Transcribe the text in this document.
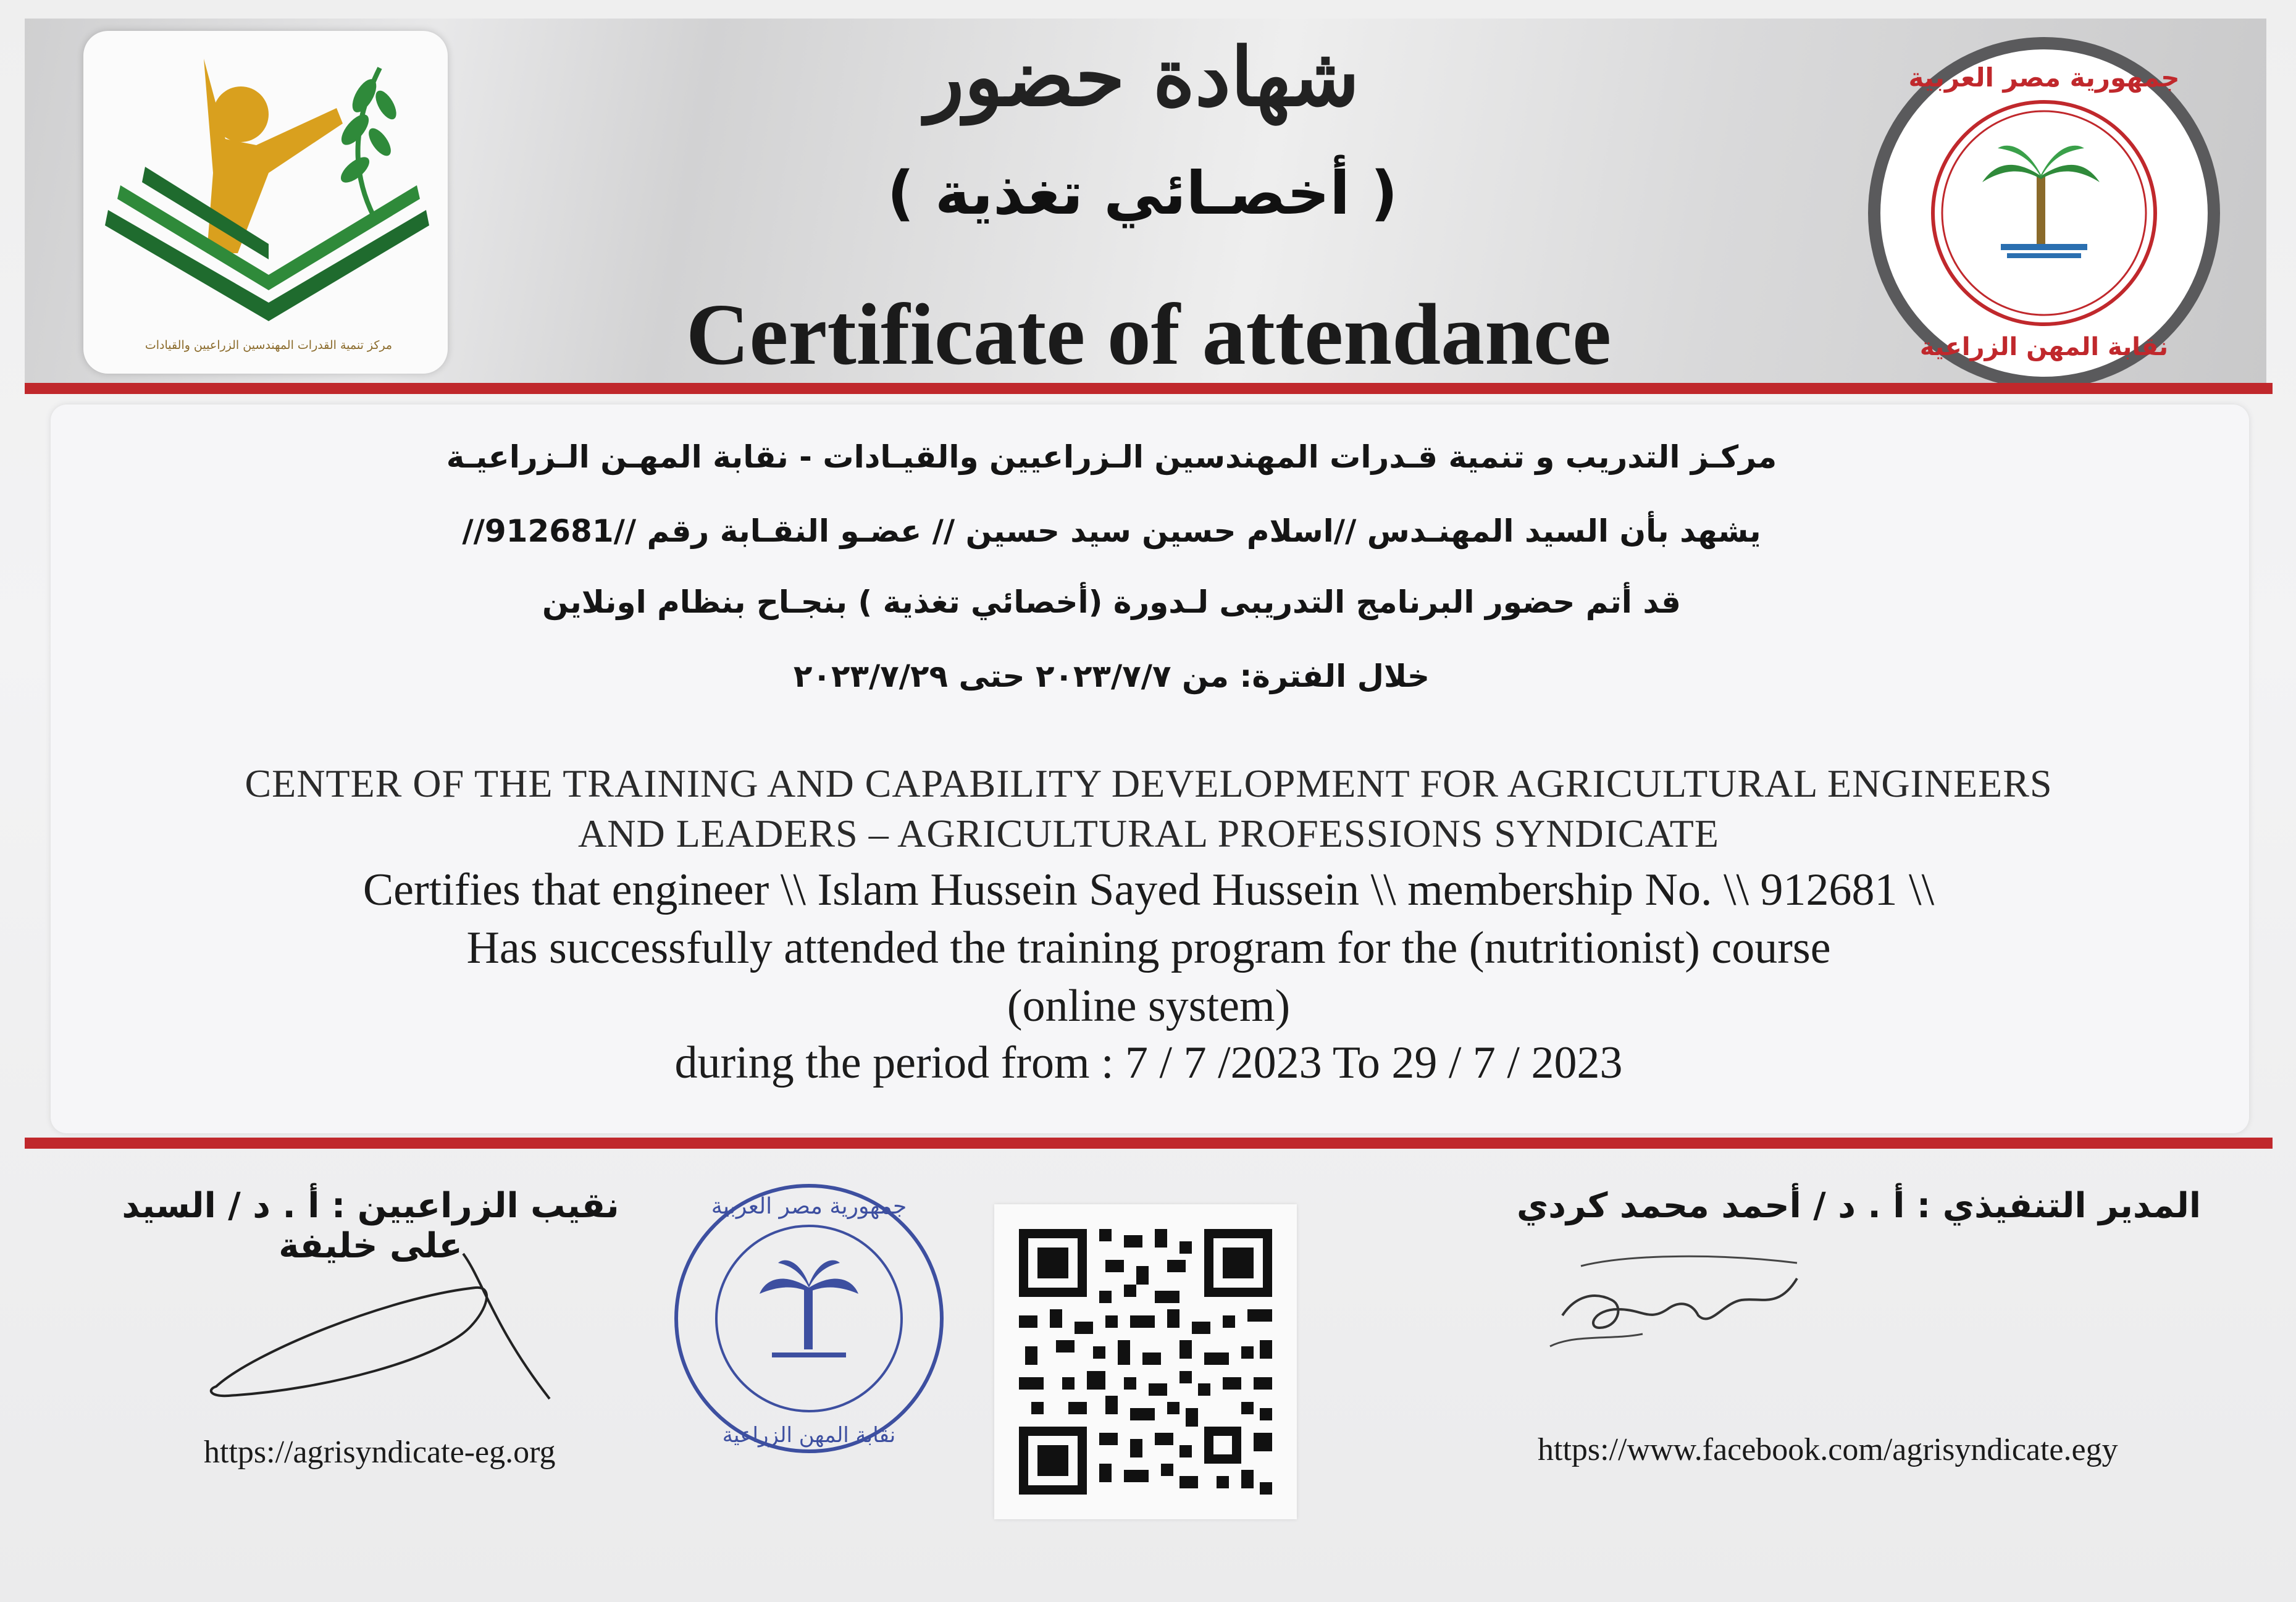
مركز تنمية القدرات المهندسين الزراعيين والقيادات
جمهورية مصر العربية
نقابة المهن الزراعية
شهادة حضور
( أخصـائي تغذية )
Certificate of attendance
مركـز التدريب و تنمية قـدرات المهندسين الـزراعيين والقيـادات - نقابة المهـن الـزراعيـة
يشهد بأن السيد المهنـدس //اسلام حسين سيد حسين // عضـو النقـابة رقم //912681//
قد أتم حضور البرنامج التدريبى لـدورة (أخصائي تغذية ) بنجـاح بنظام اونلاين
خلال الفترة: من ٢٠٢٣/٧/٧ حتى ٢٠٢٣/٧/٢٩
CENTER OF THE TRAINING AND CAPABILITY DEVELOPMENT FOR AGRICULTURAL ENGINEERS
AND LEADERS – AGRICULTURAL PROFESSIONS SYNDICATE
Certifies that engineer \\ Islam Hussein Sayed Hussein \\ membership No. \\ 912681 \\
Has successfully attended the training program for the (nutritionist) course
(online system)
during the period from : 7 / 7 /2023 To 29 / 7 / 2023
نقيب الزراعيين : أ . د / السيد على خليفة
المدير التنفيذي : أ . د / أحمد محمد كردي
جمهورية مصر العربية
نقابة المهن الزراعية
https://agrisyndicate-eg.org	https://www.facebook.com/agrisyndicate.egy
